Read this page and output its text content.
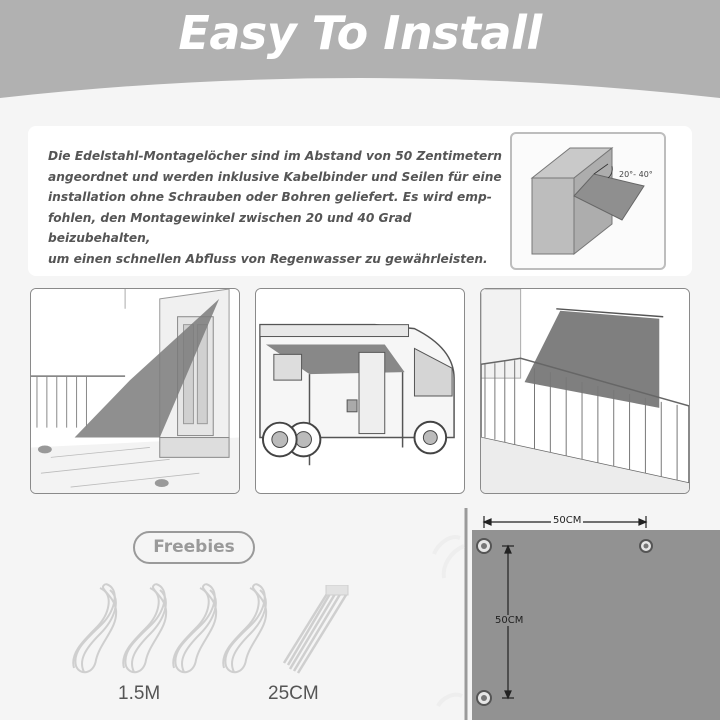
Easy To Install
Die Edelstahl-Montagelöcher sind im Abstand von 50 Zentimetern
angeordnet und werden inklusive Kabelbinder und Seilen für eine
installation ohne Schrauben oder Bohren geliefert. Es wird emp-
fohlen, den Montagewinkel zwischen 20 und 40 Grad beizubehalten,
um einen schnellen Abfluss von Regenwasser zu gewährleisten.
20°- 40°
Freebies
1.5M	25CM
50CM
50CM
